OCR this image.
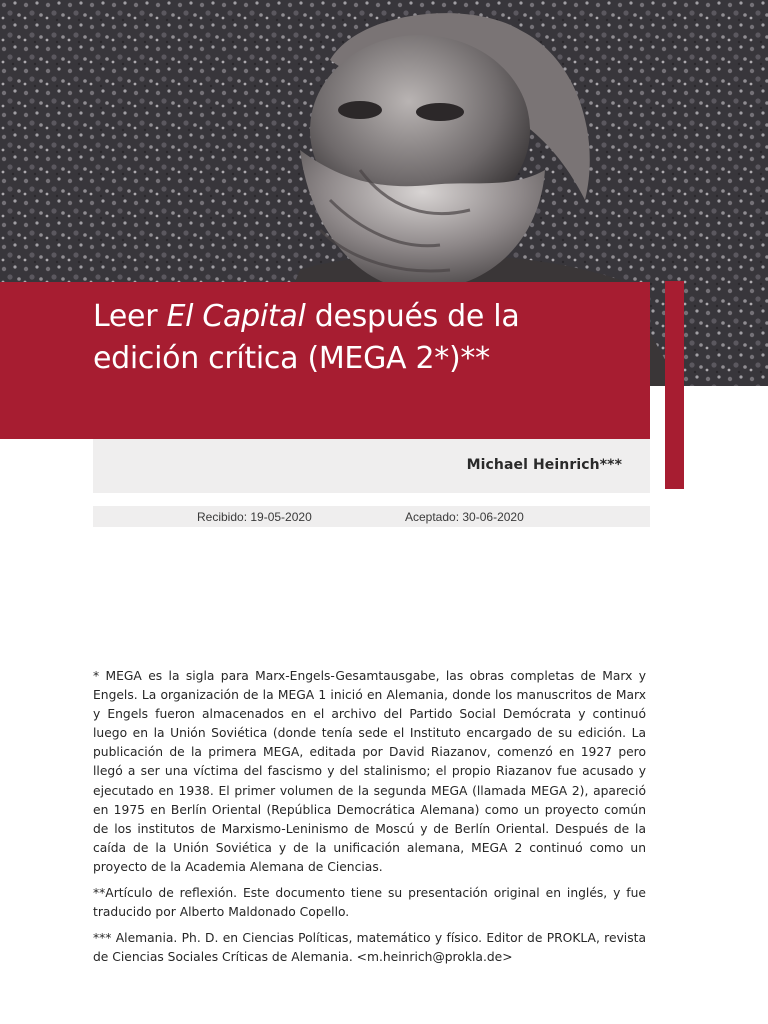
Leer El Capital después de la edición crítica (MEGA 2*)**
Michael Heinrich***
Recibido: 19-05-2020	Aceptado: 30-06-2020

* MEGA es la sigla para Marx-Engels-Gesamtausgabe, las obras completas de Marx y Engels. La organización de la MEGA 1 inició en Alemania, donde los manuscritos de Marx y Engels fueron almacenados en el archivo del Partido Social Demócrata y continuó luego en la Unión Soviética (donde tenía sede el Instituto encargado de su edición. La publicación de la primera MEGA, editada por David Riazanov, comenzó en 1927 pero llegó a ser una víctima del fascismo y del stalinismo; el propio Riazanov fue acusado y ejecutado en 1938. El primer volumen de la segunda MEGA (llamada MEGA 2), apareció en 1975 en Berlín Oriental (República Democrática Alemana) como un proyecto común de los institutos de Marxismo-Leninismo de Moscú y de Berlín Oriental. Después de la caída de la Unión Soviética y de la unificación alemana, MEGA 2 continuó como un proyecto de la Academia Alemana de Ciencias.

**Artículo de reflexión. Este documento tiene su presentación original en inglés, y fue traducido por Alberto Maldonado Copello.

*** Alemania. Ph. D. en Ciencias Políticas, matemático y físico. Editor de PROKLA, revista de Ciencias Sociales Críticas de Alemania. <m.heinrich@prokla.de>
